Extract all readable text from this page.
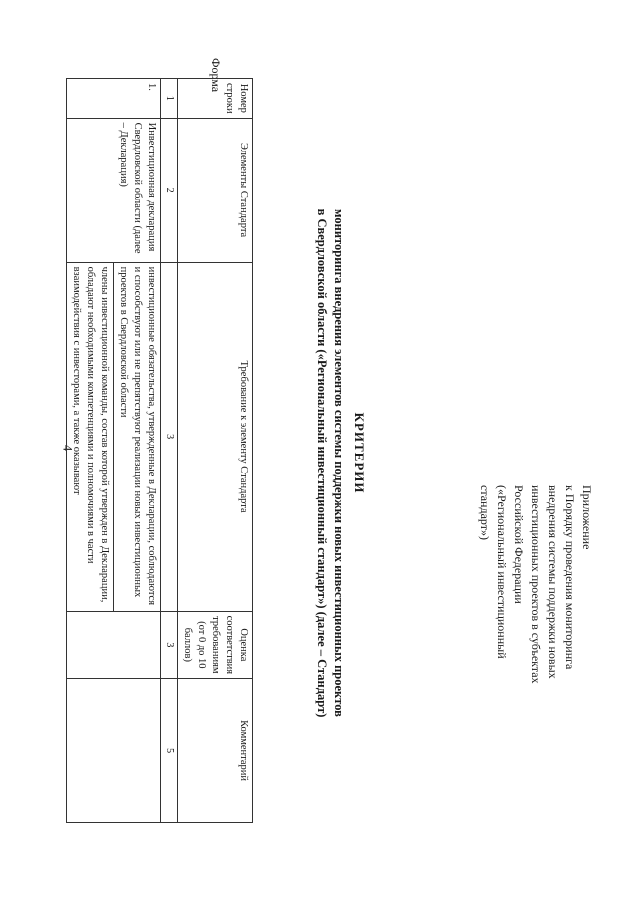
4
Приложение
к Порядку проведения мониторинга
внедрения системы поддержки новых
инвестиционных проектов в субъектах
Российской Федерации
(«Региональный инвестиционный
стандарт»)
Форма
КРИТЕРИИ
мониторинга внедрения элементов системы поддержки новых инвестиционных проектов
в Свердловской области («Региональный инвестиционный стандарт») (далее – Стандарт)
Номер строки	Элементы Стандарта	Требование к элементу Стандарта	Оценка соответствия требованиям (от 0 до 10 баллов)	Комментарий
1	2	3	3	5
1.	Инвестиционная декларация Свердловской области (далее – Декларация)	инвестиционные обязательства, утвержденные в Декларации, соблюдаются и способствуют или не препятствуют реализации новых инвестиционных проектов в Свердловской области
члены инвестиционной команды, состав которой утвержден в Декларации, обладают необходимыми компетенциями и полномочиями в части взаимодействия с инвесторами, а также оказывают		
